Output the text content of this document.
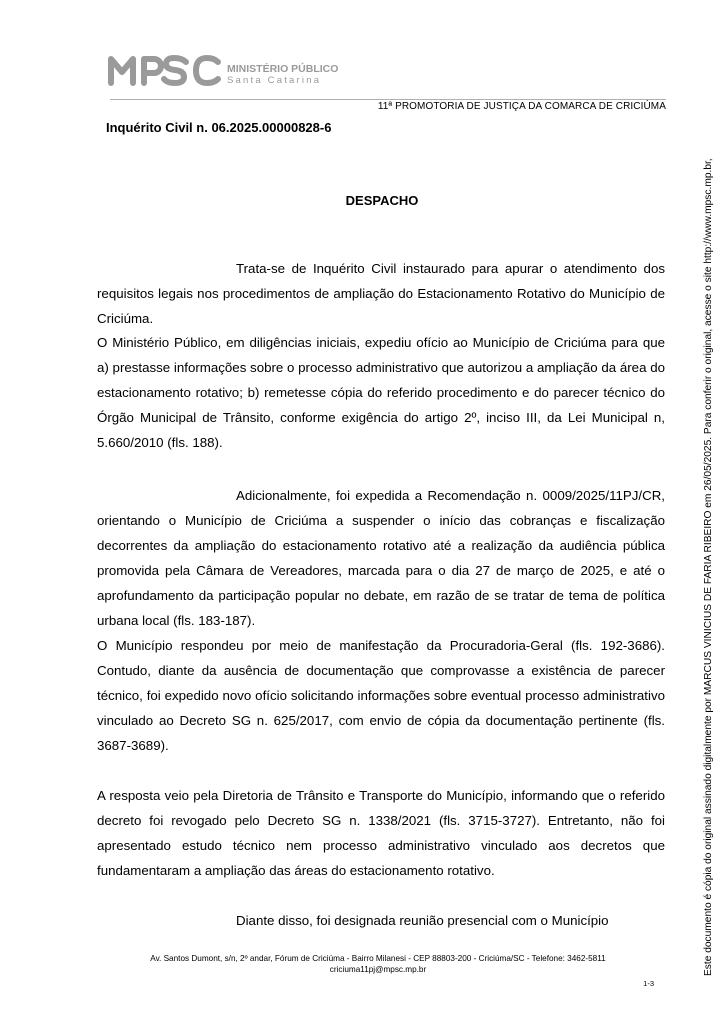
MINISTÉRIO PÚBLICO
Santa Catarina
11ª PROMOTORIA DE JUSTIÇA DA COMARCA DE CRICIÚMA
Inquérito Civil n. 06.2025.00000828-6
DESPACHO

Trata-se de Inquérito Civil instaurado para apurar o atendimento dos requisitos legais nos procedimentos de ampliação do Estacionamento Rotativo do Município de Criciúma.

O Ministério Público, em diligências iniciais, expediu ofício ao Município de Criciúma para que a) prestasse informações sobre o processo administrativo que autorizou a ampliação da área do estacionamento rotativo; b) remetesse cópia do referido procedimento e do parecer técnico do Órgão Municipal de Trânsito, conforme exigência do artigo 2º, inciso III, da Lei Municipal n, 5.660/2010 (fls. 188).

Adicionalmente, foi expedida a Recomendação n. 0009/2025/11PJ/CR, orientando o Município de Criciúma a suspender o início das cobranças e fiscalização decorrentes da ampliação do estacionamento rotativo até a realização da audiência pública promovida pela Câmara de Vereadores, marcada para o dia 27 de março de 2025, e até o aprofundamento da participação popular no debate, em razão de se tratar de tema de política urbana local (fls. 183-187).

O Município respondeu por meio de manifestação da Procuradoria-Geral (fls. 192-3686). Contudo, diante da ausência de documentação que comprovasse a existência de parecer técnico, foi expedido novo ofício solicitando informações sobre eventual processo administrativo vinculado ao Decreto SG n. 625/2017, com envio de cópia da documentação pertinente (fls. 3687-3689).

A resposta veio pela Diretoria de Trânsito e Transporte do Município, informando que o referido decreto foi revogado pelo Decreto SG n. 1338/2021 (fls. 3715-3727). Entretanto, não foi apresentado estudo técnico nem processo administrativo vinculado aos decretos que fundamentaram a ampliação das áreas do estacionamento rotativo.

Diante disso, foi designada reunião presencial com o Município

Av. Santos Dumont, s/n, 2º andar, Fórum de Criciúma - Bairro Milanesi - CEP 88803-200 - Criciúma/SC - Telefone: 3462-5811
criciuma11pj@mpsc.mp.br
1-3
Este documento é cópia do original assinado digitalmente por MARCUS VINICIUS DE FARIA RIBEIRO em 26/05/2025. Para conferir o original, acesse o site http://www.mpsc.mp.br,
